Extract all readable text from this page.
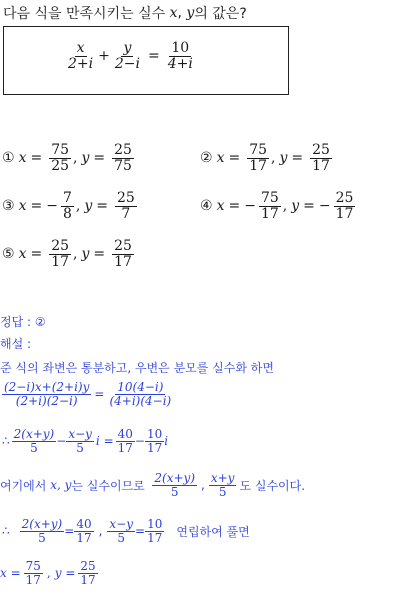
다음 식을 만족시키는 실수
x ,
y 의 값은?
$\frac{x}{2+i} + \frac{y}{2-i} = \frac{10}{4+i}$
① $x = \frac{75}{25}$ , $y = \frac{25}{75}$	② $x = \frac{75}{17}$ , $y = \frac{25}{17}$
③ x = − $\frac{7}{8}$ , $y = \frac{25}{7}$	④ x = − $\frac{75}{17}$ , y = − $\frac{25}{17}$
⑤ $x = \frac{25}{17}$ , $y = \frac{25}{17}$
정답 : ②
해설 :
준 식의 좌변은 통분하고, 우변은 분모를 실수화 하면
$\frac{(2-i)x+(2+i)y}{(2+i)(2-i)} = \frac{10(4-i)}{(4+i)(4-i)}$
∴ $\frac{2(x+y)}{5} - \frac{x-y}{5}$ $i = \frac{40}{17} - \frac{10}{17}$ i
여기에서
x, y 는 실수이므로
$\frac{2(x+y)}{5}$ , $\frac{x+y}{5}$ 도 실수이다.
∴ $\frac{2(x+y)}{5} = \frac{40}{17}$ , $\frac{x-y}{5} = \frac{10}{17}$ 연립하여 풀면
$x = \frac{75}{17}$ , $y = \frac{25}{17}$
